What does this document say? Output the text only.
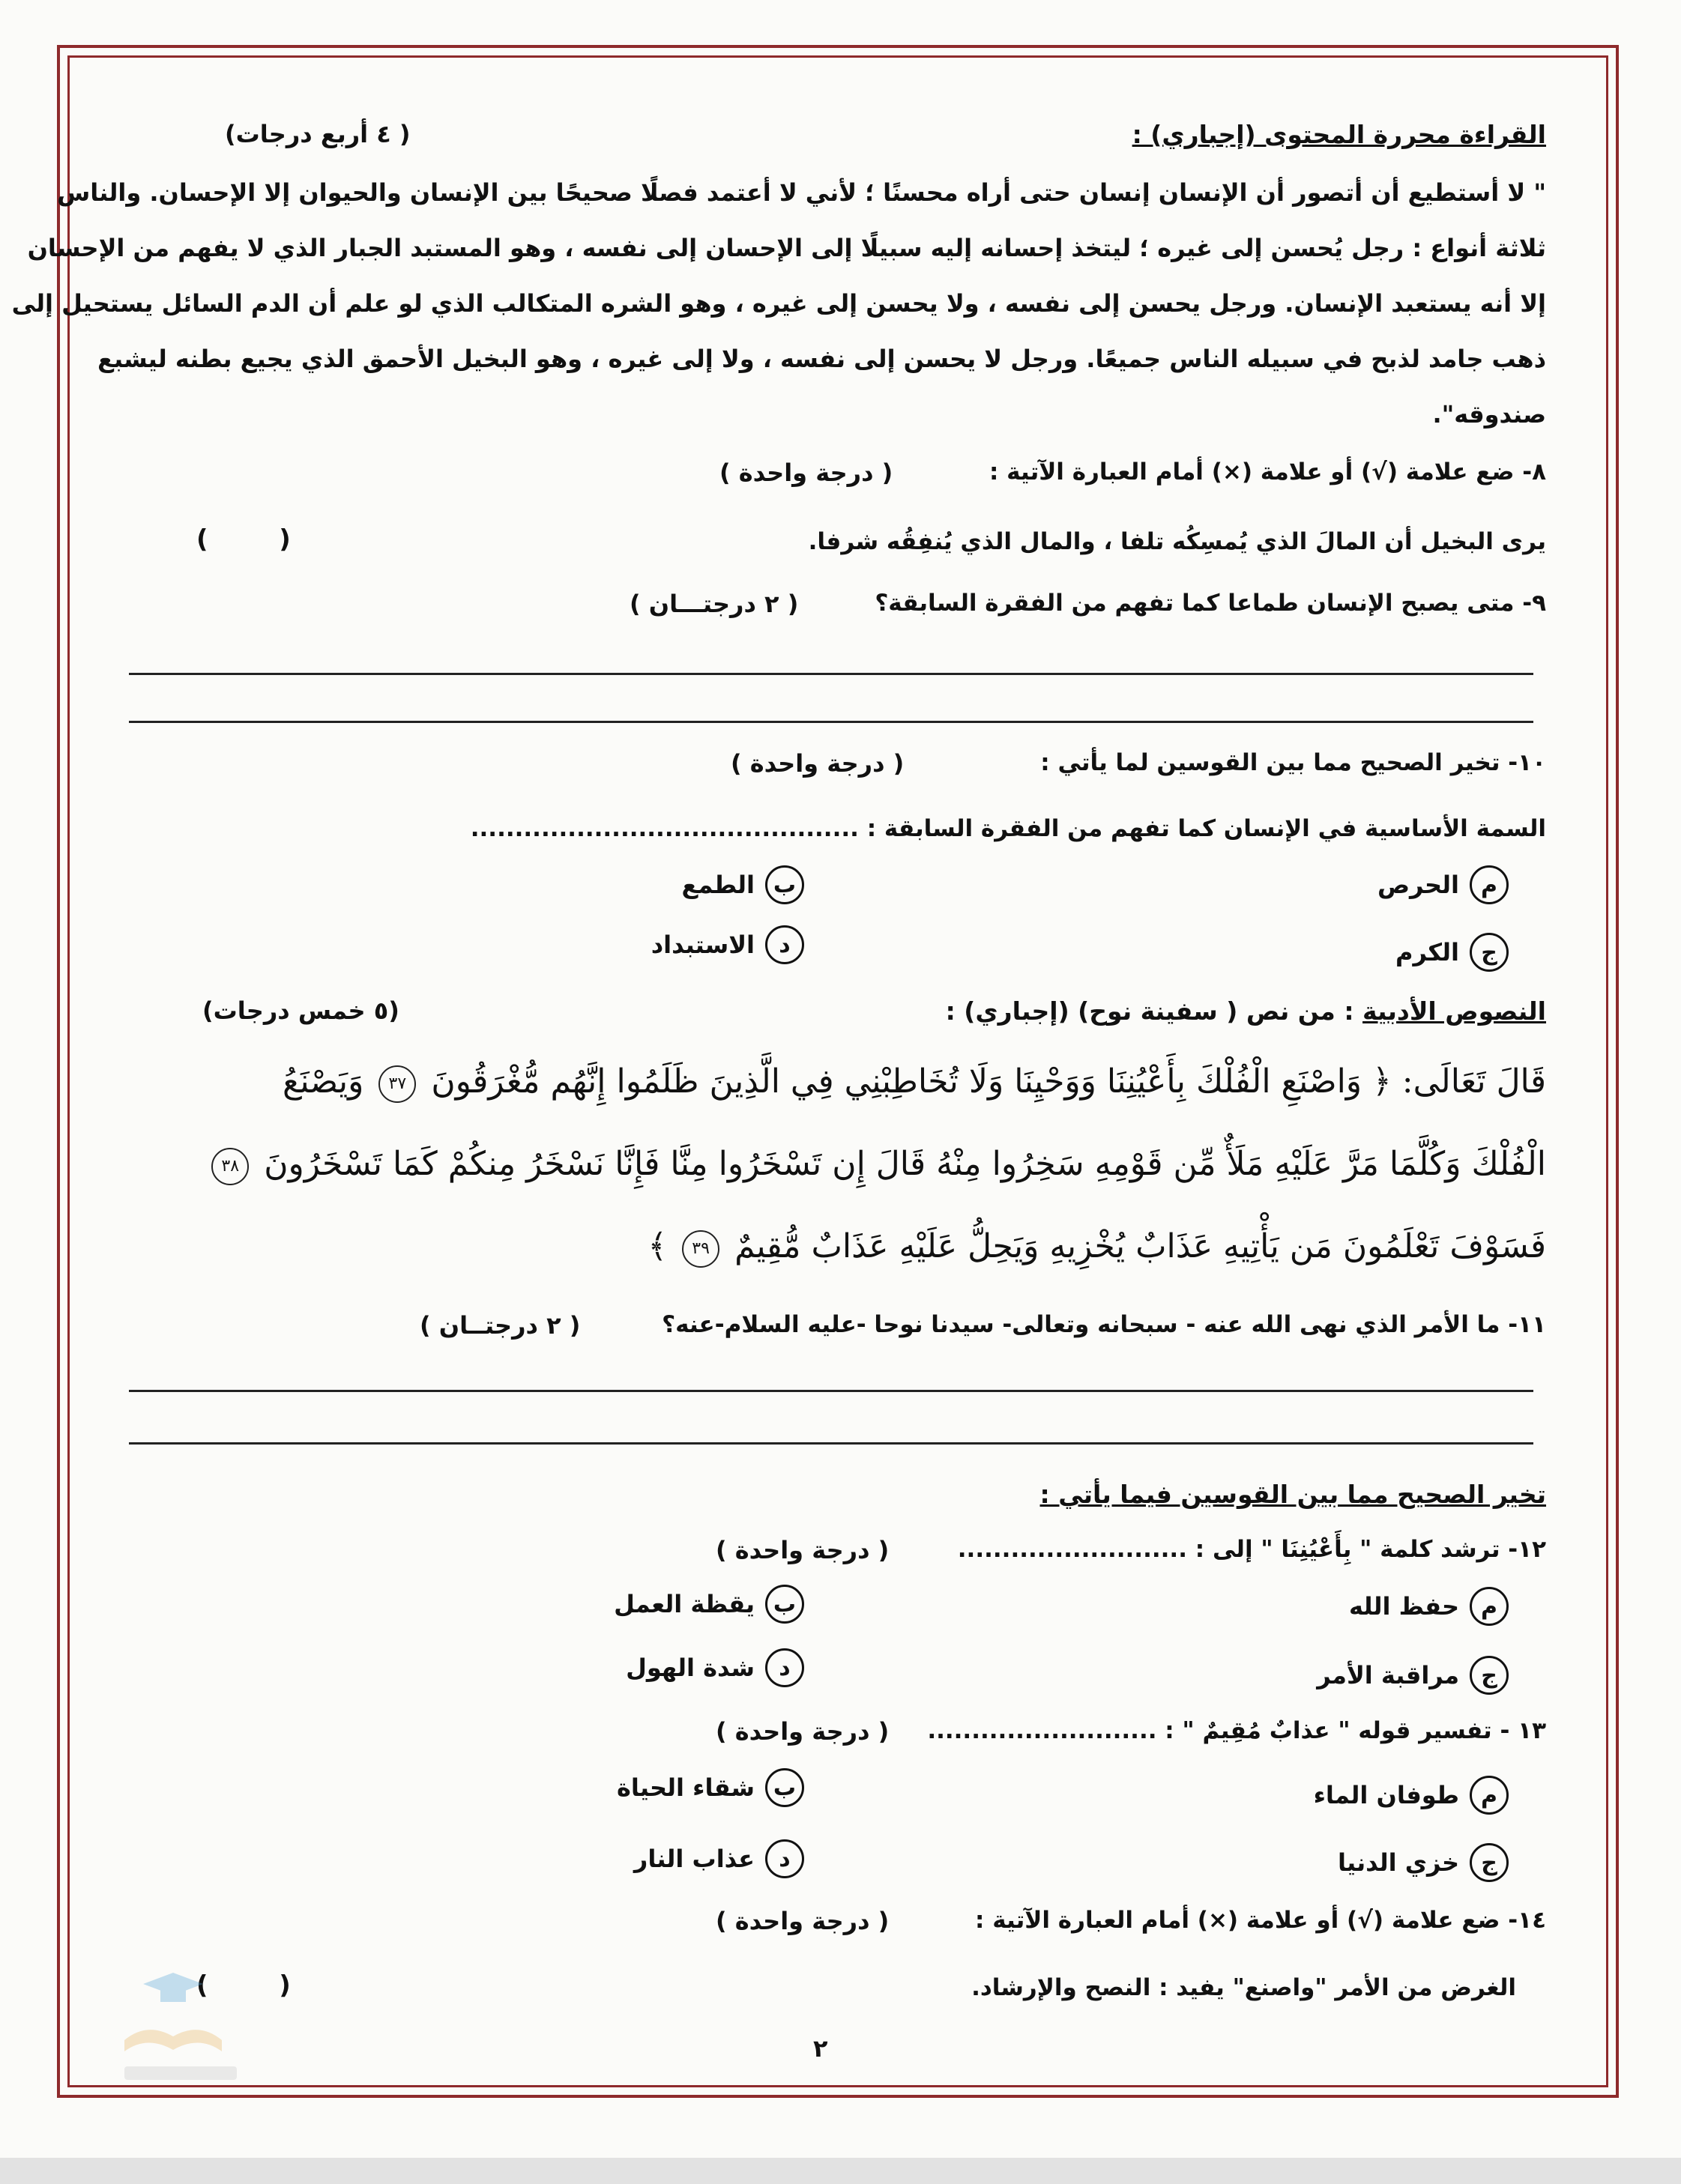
القراءة محررة المحتوى (إجباري) :
( ٤ أربع درجات)
" لا أستطيع أن أتصور أن الإنسان إنسان حتى أراه محسنًا ؛ لأني لا أعتمد فصلًا صحيحًا بين الإنسان والحيوان إلا الإحسان. والناس
ثلاثة أنواع : رجل يُحسن إلى غيره ؛ ليتخذ إحسانه إليه سبيلًا إلى الإحسان إلى نفسه ، وهو المستبد الجبار الذي لا يفهم من الإحسان
إلا أنه يستعبد الإنسان. ورجل يحسن إلى نفسه ، ولا يحسن إلى غيره ، وهو الشره المتكالب الذي لو علم أن الدم السائل يستحيل إلى
ذهب جامد لذبح في سبيله الناس جميعًا. ورجل لا يحسن إلى نفسه ، ولا إلى غيره ، وهو البخيل الأحمق الذي يجيع بطنه ليشبع
صندوقه".
٨- ضع علامة (√) أو علامة (×) أمام العبارة الآتية :
( درجة واحدة )
يرى البخيل أن المالَ الذي يُمسِكُه تلفا ، والمال الذي يُنفِقُه شرفا.
(        )
٩- متى يصبح الإنسان طماعا كما تفهم من الفقرة السابقة؟
( ٢ درجتـــان )
١٠- تخير الصحيح مما بين القوسين لما يأتي :
( درجة واحدة )
السمة الأساسية في الإنسان كما تفهم من الفقرة السابقة : ............................................
م
الحرص
ب
الطمع
ج
الكرم
د
الاستبداد
النصوص الأدبية : من نص ( سفينة نوح) (إجباري) :
(٥ خمس درجات)
قَالَ تَعَالَى: ﴿ وَاصْنَعِ الْفُلْكَ بِأَعْيُنِنَا وَوَحْيِنَا وَلَا تُخَاطِبْنِي فِي الَّذِينَ ظَلَمُوا إِنَّهُم مُّغْرَقُونَ ٣٧ وَيَصْنَعُ
الْفُلْكَ وَكُلَّمَا مَرَّ عَلَيْهِ مَلَأٌ مِّن قَوْمِهِ سَخِرُوا مِنْهُ قَالَ إِن تَسْخَرُوا مِنَّا فَإِنَّا نَسْخَرُ مِنكُمْ كَمَا تَسْخَرُونَ ٣٨
فَسَوْفَ تَعْلَمُونَ مَن يَأْتِيهِ عَذَابٌ يُخْزِيهِ وَيَحِلُّ عَلَيْهِ عَذَابٌ مُّقِيمٌ ٣٩ ﴾
١١- ما الأمر الذي نهى الله عنه - سبحانه وتعالى- سيدنا نوحا -عليه السلام-عنه؟
( ٢ درجتــان )
تخير الصحيح مما بين القوسين فيما يأتي :
١٢- ترشد كلمة " بِأَعْيُنِنَا " إلى : ..........................
( درجة واحدة )
م
حفظ الله
ب
يقظة العمل
ج
مراقبة الأمر
د
شدة الهول
١٣ - تفسير قوله " عذابٌ مُقِيمٌ " : ..........................
( درجة واحدة )
م
طوفان الماء
ب
شقاء الحياة
ج
خزي الدنيا
د
عذاب النار
١٤- ضع علامة (√) أو علامة (×) أمام العبارة الآتية :
( درجة واحدة )
الغرض من الأمر "واصنع" يفيد : النصح والإرشاد.
(        )
٢
